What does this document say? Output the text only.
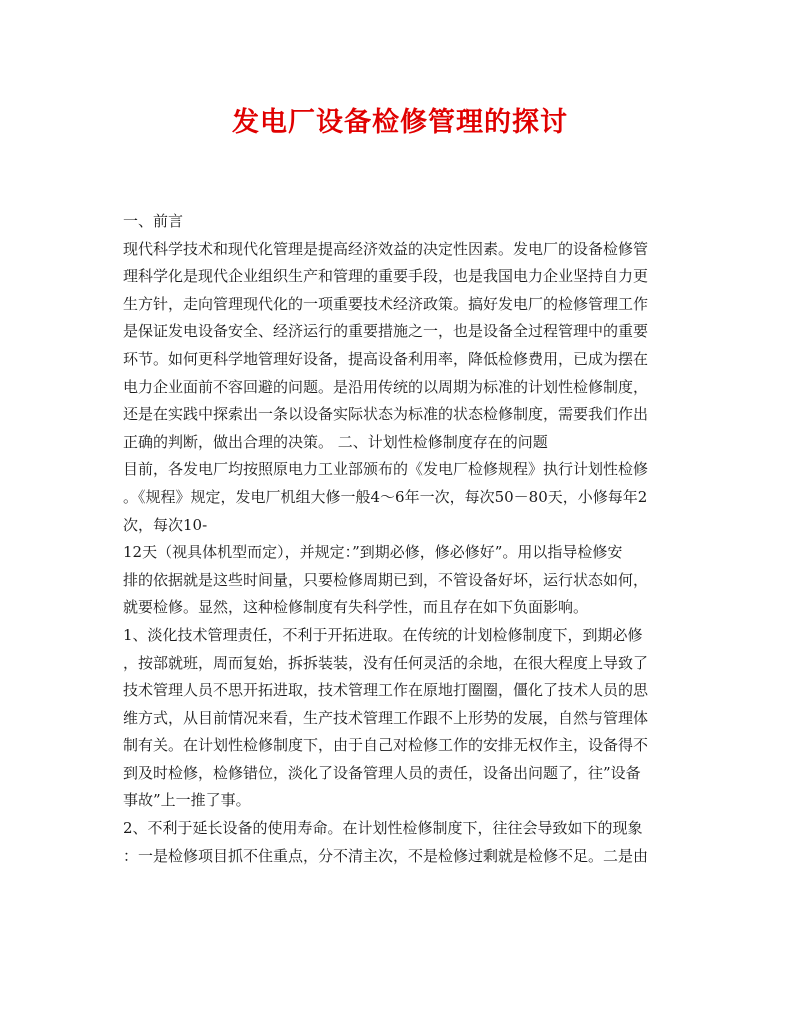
发电厂设备检修管理的探讨
一、前言
现代科学技术和现代化管理是提高经济效益的决定性因素。发电厂的设备检修管
理科学化是现代企业组织生产和管理的重要手段，也是我国电力企业坚持自力更
生方针，走向管理现代化的一项重要技术经济政策。搞好发电厂的检修管理工作
是保证发电设备安全、经济运行的重要措施之一，也是设备全过程管理中的重要
环节。如何更科学地管理好设备，提高设备利用率，降低检修费用，已成为摆在
电力企业面前不容回避的问题。是沿用传统的以周期为标准的计划性检修制度，
还是在实践中探索出一条以设备实际状态为标准的状态检修制度，需要我们作出
正确的判断，做出合理的决策。 二、计划性检修制度存在的问题
目前，各发电厂均按照原电力工业部颁布的《发电厂检修规程》执行计划性检修
。《规程》规定，发电厂机组大修一般4～6年一次，每次50－80天，小修每年2
次，每次10-
12天（视具体机型而定），并规定：”到期必修，修必修好”。用以指导检修安
排的依据就是这些时间量，只要检修周期已到，不管设备好坏，运行状态如何，
就要检修。显然，这种检修制度有失科学性，而且存在如下负面影响。
1、淡化技术管理责任，不利于开拓进取。在传统的计划检修制度下，到期必修
，按部就班，周而复始，拆拆装装，没有任何灵活的余地，在很大程度上导致了
技术管理人员不思开拓进取，技术管理工作在原地打圈圈，僵化了技术人员的思
维方式，从目前情况来看，生产技术管理工作跟不上形势的发展，自然与管理体
制有关。在计划性检修制度下，由于自己对检修工作的安排无权作主，设备得不
到及时检修，检修错位，淡化了设备管理人员的责任，设备出问题了，往”设备
事故”上一推了事。
2、不利于延长设备的使用寿命。在计划性检修制度下，往往会导致如下的现象
：一是检修项目抓不住重点，分不清主次，不是检修过剩就是检修不足。二是由
